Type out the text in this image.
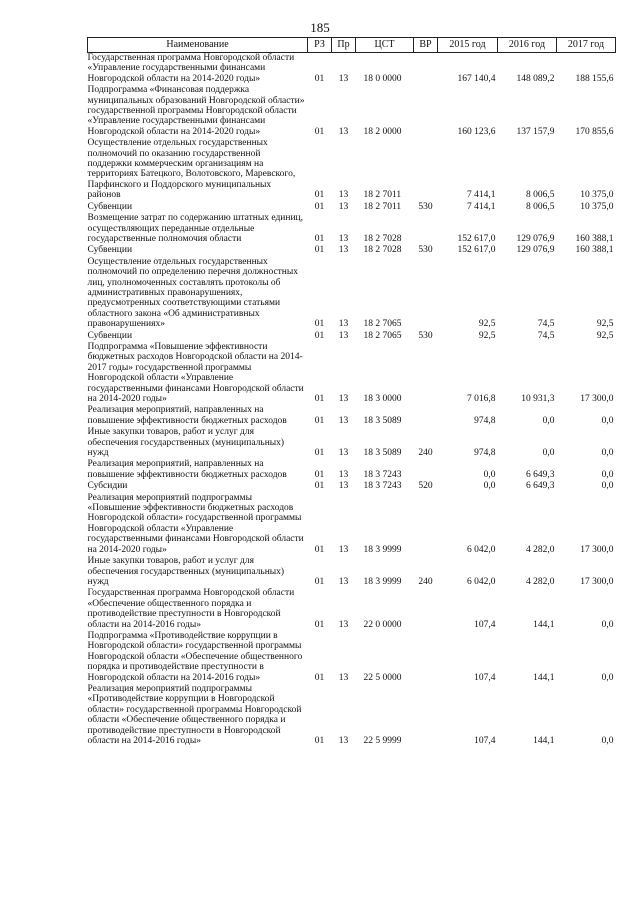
185
Наименование	РЗ	Пр	ЦСТ	ВР	2015 год	2016 год	2017 год
Государственная программа Новгородской области «Управление государственными финансами Новгородской области на 2014-2020 годы»	01	13	18 0 0000		167 140,4	148 089,2	188 155,6
Подпрограмма «Финансовая поддержка муниципальных образований Новгородской области» государственной программы Новгородской области «Управление государственными финансами Новгородской области на 2014-2020 годы»	01	13	18 2 0000		160 123,6	137 157,9	170 855,6
Осуществление отдельных государственных полномочий по оказанию государственной поддержки коммерческим организациям на территориях Батецкого, Волотовского, Маревского, Парфинского и Поддорского муниципальных районов	01	13	18 2 7011		7 414,1	8 006,5	10 375,0
Субвенции	01	13	18 2 7011	530	7 414,1	8 006,5	10 375,0
Возмещение затрат по содержанию штатных единиц, осуществляющих переданные отдельные государственные полномочия области	01	13	18 2 7028		152 617,0	129 076,9	160 388,1
Субвенции	01	13	18 2 7028	530	152 617,0	129 076,9	160 388,1
Осуществление отдельных государственных полномочий по определению перечня должностных лиц, уполномоченных составлять протоколы об административных правонарушениях, предусмотренных соответствующими статьями областного закона «Об административных правонарушениях»	01	13	18 2 7065		92,5	74,5	92,5
Субвенции	01	13	18 2 7065	530	92,5	74,5	92,5
Подпрограмма «Повышение эффективности бюджетных расходов Новгородской области на 2014-2017 годы» государственной программы Новгородской области «Управление государственными финансами Новгородской области на 2014-2020 годы»	01	13	18 3 0000		7 016,8	10 931,3	17 300,0
Реализация мероприятий, направленных на повышение эффективности бюджетных расходов	01	13	18 3 5089		974,8	0,0	0,0
Иные закупки товаров, работ и услуг для обеспечения государственных (муниципальных) нужд	01	13	18 3 5089	240	974,8	0,0	0,0
Реализация мероприятий, направленных на повышение эффективности бюджетных расходов	01	13	18 3 7243		0,0	6 649,3	0,0
Субсидии	01	13	18 3 7243	520	0,0	6 649,3	0,0
Реализация мероприятий подпрограммы «Повышение эффективности бюджетных расходов Новгородской области» государственной программы Новгородской области «Управление государственными финансами Новгородской области на 2014-2020 годы»	01	13	18 3 9999		6 042,0	4 282,0	17 300,0
Иные закупки товаров, работ и услуг для обеспечения государственных (муниципальных) нужд	01	13	18 3 9999	240	6 042,0	4 282,0	17 300,0
Государственная программа Новгородской области «Обеспечение общественного порядка и противодействие преступности в Новгородской области на 2014-2016 годы»	01	13	22 0 0000		107,4	144,1	0,0
Подпрограмма «Противодействие коррупции в Новгородской области» государственной программы Новгородской области «Обеспечение общественного порядка и противодействие преступности в Новгородской области на 2014-2016 годы»	01	13	22 5 0000		107,4	144,1	0,0
Реализация мероприятий подпрограммы «Противодействие коррупции в Новгородской области» государственной программы Новгородской области «Обеспечение общественного порядка и противодействие преступности в Новгородской области на 2014-2016 годы»	01	13	22 5 9999		107,4	144,1	0,0
